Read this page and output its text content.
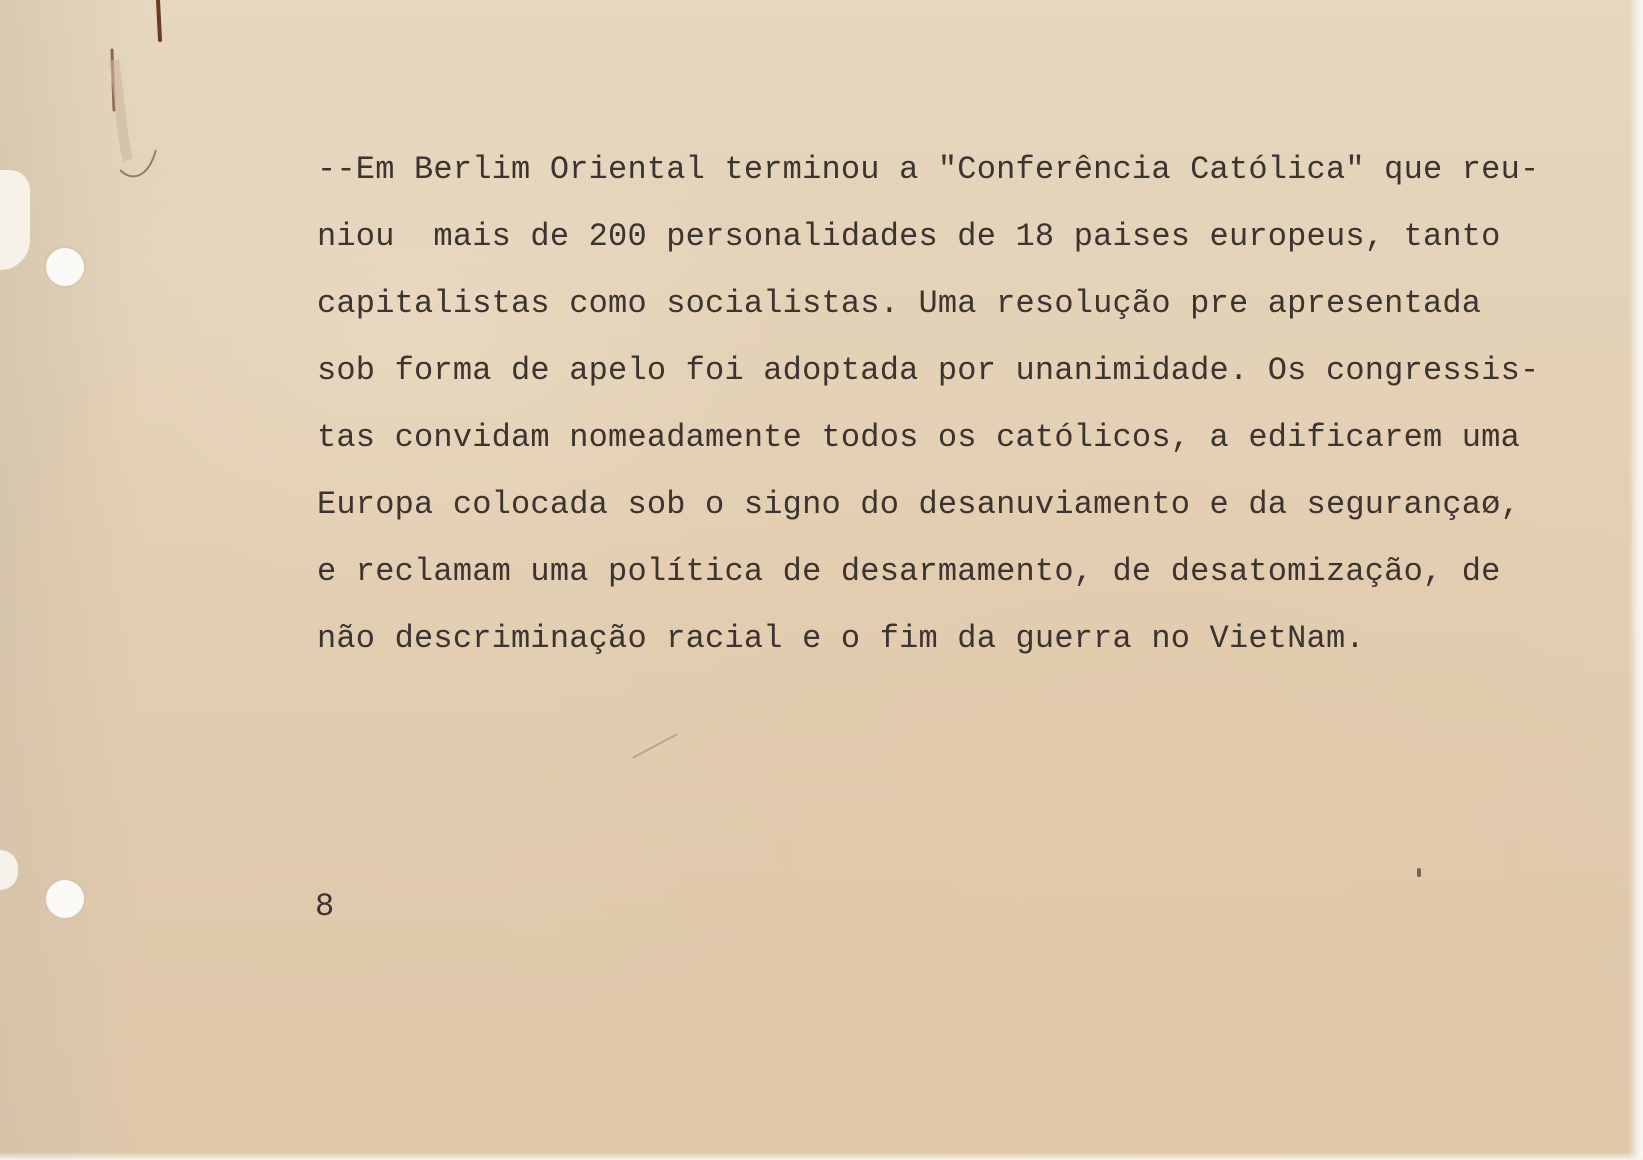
--Em Berlim Oriental terminou a "Conferência Católica" que reu-
niou  mais de 200 personalidades de 18 paises europeus, tanto
capitalistas como socialistas. Uma resolução pre apresentada
sob forma de apelo foi adoptada por unanimidade. Os congressis-
tas convidam nomeadamente todos os católicos, a edificarem uma
Europa colocada sob o signo do desanuviamento e da segurançaø,
e reclamam uma política de desarmamento, de desatomização, de
não descriminação racial e o fim da guerra no VietNam.
8
